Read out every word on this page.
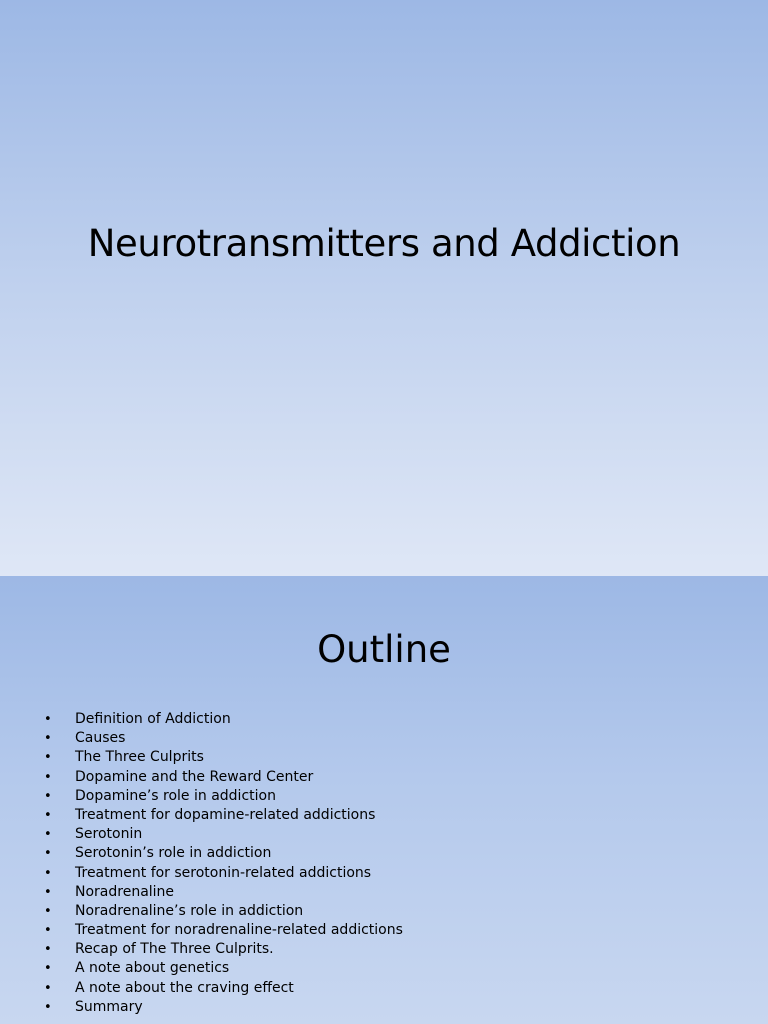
Neurotransmitters and Addiction
Outline
• Definition of Addiction
• Causes
• The Three Culprits
• Dopamine and the Reward Center
• Dopamine’s role in addiction
• Treatment for dopamine-related addictions
• Serotonin
• Serotonin’s role in addiction
• Treatment for serotonin-related addictions
• Noradrenaline
• Noradrenaline’s role in addiction
• Treatment for noradrenaline-related addictions
• Recap of The Three Culprits.
• A note about genetics
• A note about the craving effect
• Summary
